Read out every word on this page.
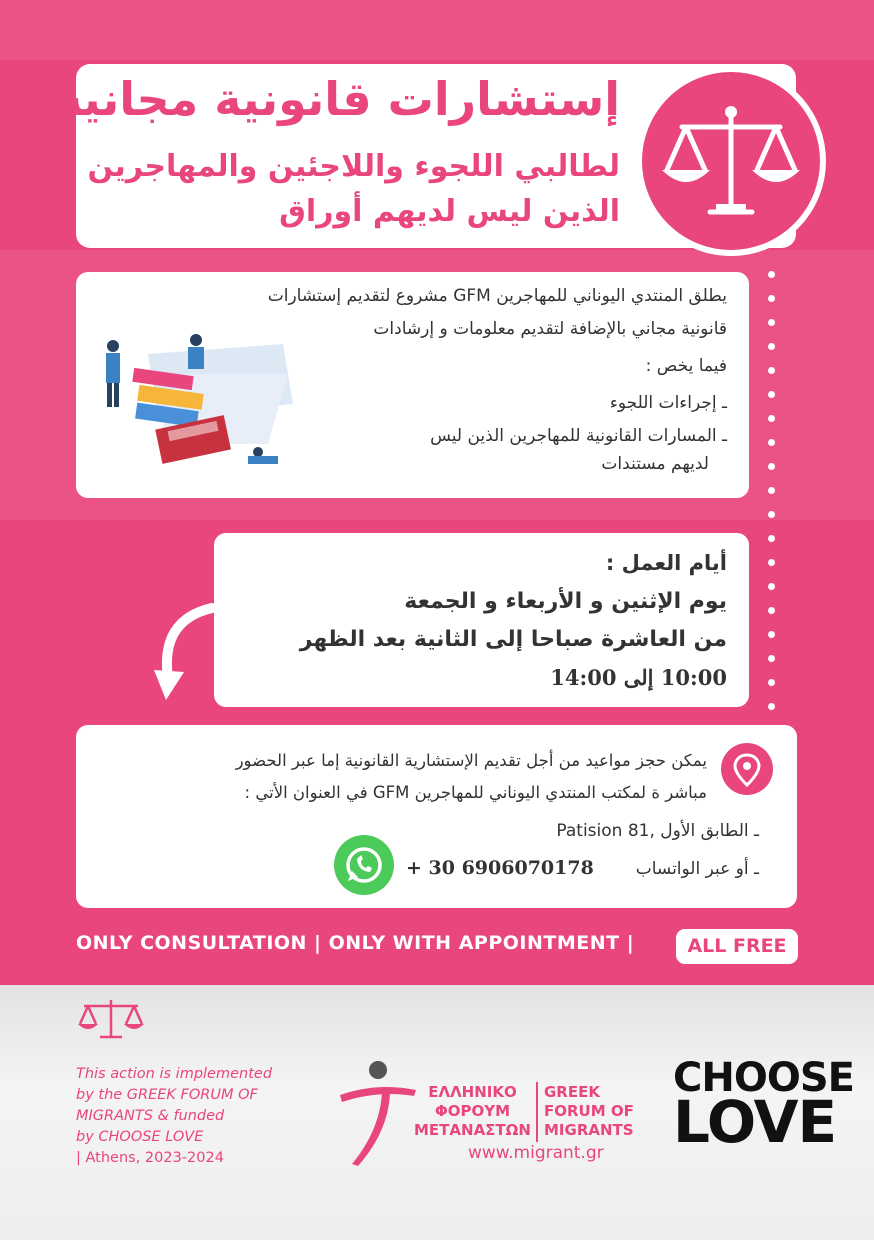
إستشارات قانونية مجانية
لطالبي اللجوء واللاجئين والمهاجرين
الذين ليس لديهم أوراق
يطلق المنتدي اليوناني للمهاجرين GFM مشروع لتقديم إستشارات
قانونية مجاني بالإضافة لتقديم معلومات و إرشادات
فيما يخص :
ـ إجراءات اللجوء
ـ المسارات القانونية للمهاجرين الذين ليس
لديهم مستندات
أيام العمل :
يوم الإثنين و الأربعاء و الجمعة
من العاشرة صباحا إلى الثانية بعد الظهر
10:00 إلى 14:00
يمكن حجز مواعيد من أجل تقديم الإستشارية القانونية إما عبر الحضور
مباشر ة لمكتب المنتدي اليوناني للمهاجرين GFM في العنوان الأتي :
ـ الطابق الأول ,Patision 81
ـ أو عبر الواتساب
+ 30 6906070178
ONLY CONSULTATION | ONLY WITH APPOINTMENT |	ALL FREE
This action is implemented
by the GREEK FORUM OF
MIGRANTS & funded
by CHOOSE LOVE
| Athens, 2023-2024
ΕΛΛΗΝΙΚΟ
ΦΟΡΟΥΜ
ΜΕΤΑΝΑΣΤΩΝ
GREEK
FORUM OF
MIGRANTS
www.migrant.gr
CHOOSE
LOVE
